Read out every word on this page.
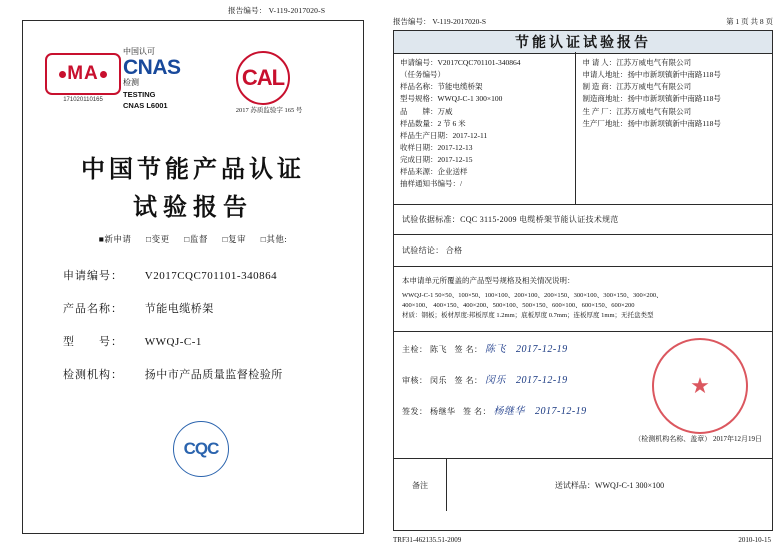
报告编号： V-119-2017020-S
MA
171020110165
中国认可
CNAS
检测
TESTING
CNAS L6001
CAL
2017 苏质监验字 165 号
中国节能产品认证
试验报告
■新申请 □变更 □监督 □复审 □其他:
申请编号： V2017CQC701101-340864
产品名称： 节能电缆桥架
型　　号： WWQJ-C-1
检测机构： 扬中市产品质量监督检验所
CQC
报告编号： V-119-2017020-S	第 1 页 共 8 页
节能认证试验报告
申请编号：V2017CQC701101-340864
（任务编号）
样品名称：节能电缆桥架
型号规格：WWQJ-C-1 300×100
品　　牌：万威
样品数量：2 节 6 米
样品生产日期：2017-12-11
收样日期：2017-12-13
完成日期：2017-12-15
样品来源：企业送样
抽样通知书编号：/
申 请 人：江苏万威电气有限公司
申请人地址：扬中市新坝镇新中南路118号
制 造 商：江苏万威电气有限公司
制造商地址：扬中市新坝镇新中南路118号
生 产 厂：江苏万威电气有限公司
生产厂地址：扬中市新坝镇新中南路118号
试验依据标准：CQC 3115-2009 电缆桥架节能认证技术规范
试验结论： 合格
本申请单元所覆盖的产品型号规格及相关情况说明：
WWQJ-C-1 50×50、100×50、100×100、200×100、200×150、300×100、300×150、300×200、
400×100、 400×150、400×200、500×100、500×150、600×100、600×150、600×200
材质：钢板；板材厚度:邦板厚度 1.2mm；底板厚度 0.7mm；连板厚度 1mm；无托盘类型
主检： 陈飞 签 名： 陈飞 2017-12-19
审核： 闵乐 签 名： 闵乐 2017-12-19
签发： 杨继华 签 名： 杨继华 2017-12-19
★
（检测机构名称、盖章） 2017年12月19日
备注	送试样品：WWQJ-C-1 300×100
TRF31-462135.51-2009	2010-10-15
